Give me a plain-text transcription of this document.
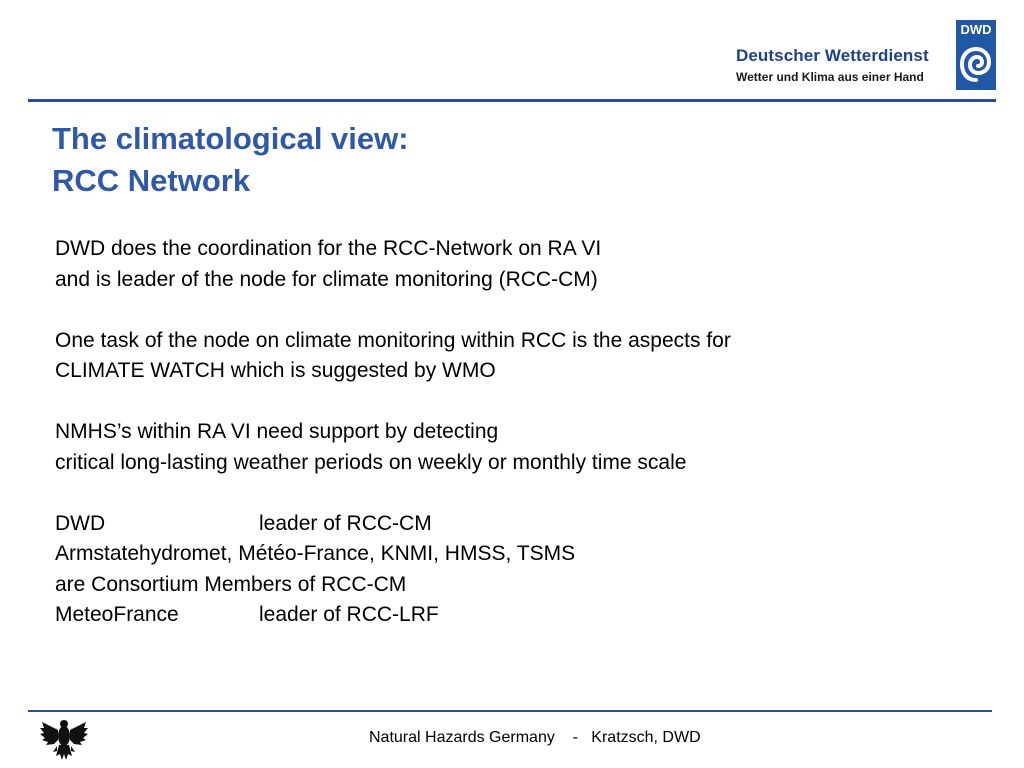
Deutscher Wetterdienst
Wetter und Klima aus einer Hand
DWD
The climatological view:
RCC Network
DWD does the coordination for the RCC-Network on RA VI
and is leader of the node for climate monitoring (RCC-CM)
One task of the node on climate monitoring within RCC is the aspects for
CLIMATE WATCH which is suggested by WMO
NMHS’s within RA VI need support by detecting
critical long-lasting weather periods on weekly or monthly time scale
DWD	leader of RCC-CM
Armstatehydromet, Météo-France, KNMI, HMSS, TSMS
are Consortium Members of RCC-CM
MeteoFrance	leader of RCC-LRF
Natural Hazards Germany    -   Kratzsch, DWD
